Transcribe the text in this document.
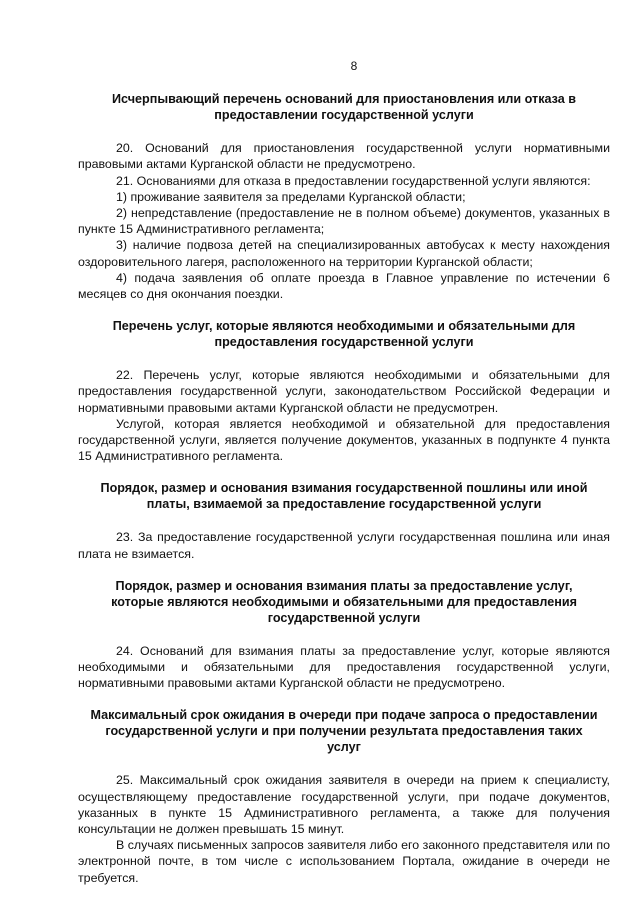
8
Исчерпывающий перечень оснований для приостановления или отказа в предоставлении государственной услуги

20. Оснований для приостановления государственной услуги нормативными правовыми актами Курганской области не предусмотрено.

21. Основаниями для отказа в предоставлении государственной услуги являются:

1) проживание заявителя за пределами Курганской области;

2) непредставление (предоставление не в полном объеме) документов, указанных в пункте 15 Административного регламента;

3) наличие подвоза детей на специализированных автобусах к месту нахождения оздоровительного лагеря, расположенного на территории Курганской области;

4) подача заявления об оплате проезда в Главное управление по истечении 6 месяцев со дня окончания поездки.

Перечень услуг, которые являются необходимыми и обязательными для предоставления государственной услуги

22. Перечень услуг, которые являются необходимыми и обязательными для предоставления государственной услуги, законодательством Российской Федерации и нормативными правовыми актами Курганской области не предусмотрен.

Услугой, которая является необходимой и обязательной для предоставления государственной услуги, является получение документов, указанных в подпункте 4 пункта 15 Административного регламента.

Порядок, размер и основания взимания государственной пошлины или иной платы, взимаемой за предоставление государственной услуги

23. За предоставление государственной услуги государственная пошлина или иная плата не взимается.

Порядок, размер и основания взимания платы за предоставление услуг, которые являются необходимыми и обязательными для предоставления государственной услуги

24. Оснований для взимания платы за предоставление услуг, которые являются необходимыми и обязательными для предоставления государственной услуги, нормативными правовыми актами Курганской области не предусмотрено.

Максимальный срок ожидания в очереди при подаче запроса о предоставлении государственной услуги и при получении результата предоставления таких услуг

25. Максимальный срок ожидания заявителя в очереди на прием к специалисту, осуществляющему предоставление государственной услуги, при подаче документов, указанных в пункте 15 Административного регламента, а также для получения консультации не должен превышать 15 минут.

В случаях письменных запросов заявителя либо его законного представителя или по электронной почте, в том числе с использованием Портала, ожидание в очереди не требуется.
